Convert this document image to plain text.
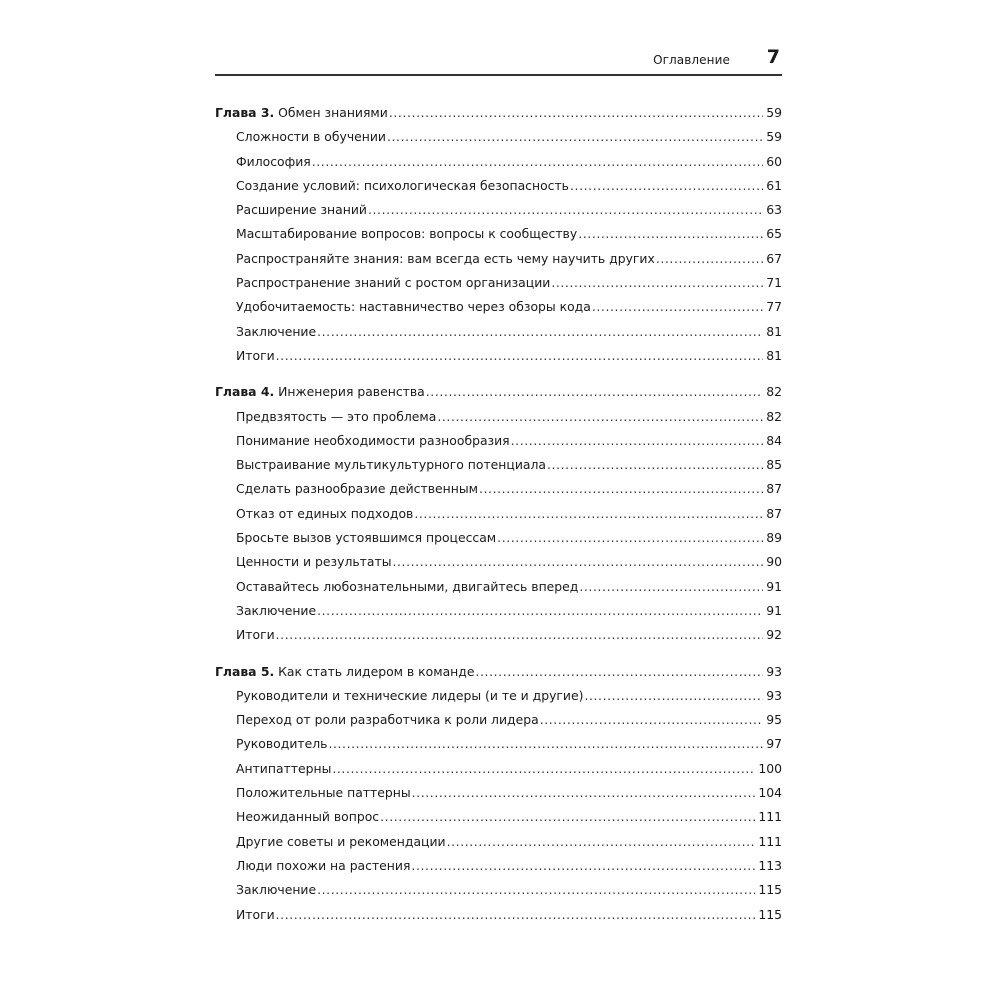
Оглавление 7
Глава 3. Обмен знаниями .....	59
Сложности в обучении .....	59
Философия .....	60
Создание условий: психологическая безопасность .....	61
Расширение знаний .....	63
Масштабирование вопросов: вопросы к сообществу .....	65
Распространяйте знания: вам всегда есть чему научить других .....	67
Распространение знаний с ростом организации .....	71
Удобочитаемость: наставничество через обзоры кода .....	77
Заключение .....	81
Итоги .....	81
Глава 4. Инженерия равенства .....	82
Предвзятость — это проблема .....	82
Понимание необходимости разнообразия .....	84
Выстраивание мультикультурного потенциала .....	85
Сделать разнообразие действенным .....	87
Отказ от единых подходов .....	87
Бросьте вызов устоявшимся процессам .....	89
Ценности и результаты .....	90
Оставайтесь любознательными, двигайтесь вперед .....	91
Заключение .....	91
Итоги .....	92
Глава 5. Как стать лидером в команде .....	93
Руководители и технические лидеры (и те и другие) .....	93
Переход от роли разработчика к роли лидера .....	95
Руководитель .....	97
Антипаттерны .....	100
Положительные паттерны .....	104
Неожиданный вопрос .....	111
Другие советы и рекомендации .....	111
Люди похожи на растения .....	113
Заключение .....	115
Итоги .....	115
